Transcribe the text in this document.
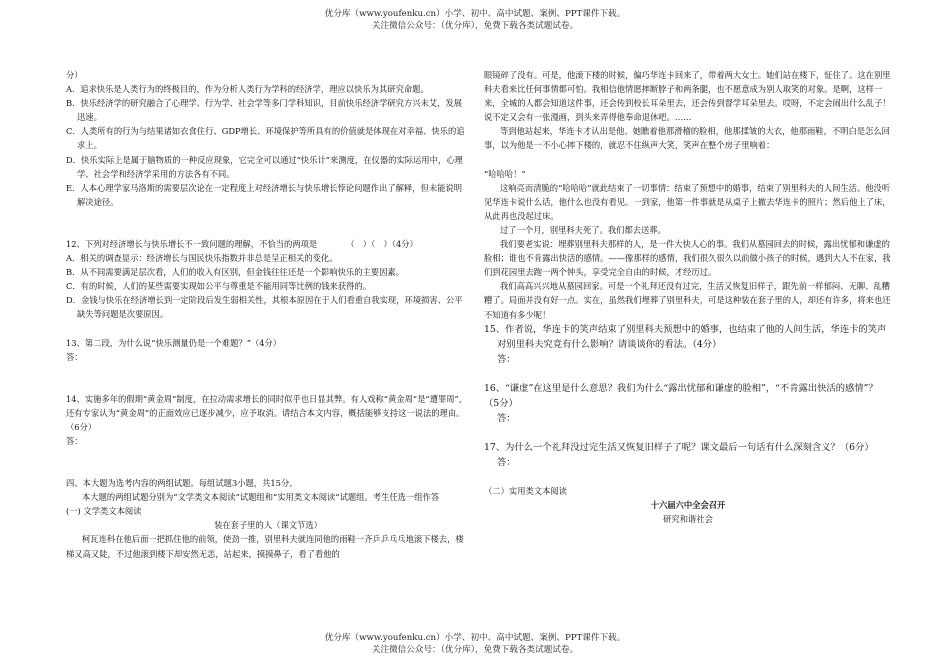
优分库（www.youfenku.cn）小学、初中、高中试题、案例、PPT课件下载。
关注微信公众号：（优分库），免费下载各类试题试卷。

分）

A．追求快乐是人类行为的终极目的，作为分析人类行为学科的经济学，理应以快乐为其研究命题。

B．快乐经济学的研究融合了心理学、行为学、社会学等多门学科知识，目前快乐经济学研究方兴未艾，发展迅速。

C．人类所有的行为与结果诸如衣食住行、GDP增长、环境保护等所具有的价值就是体现在对幸福、快乐的追求上。

D．快乐实际上是属于脑物质的一种反应现象，它完全可以通过“快乐计”来测度，在仪器的实际运用中，心理学、社会学和经济学采用的方法各有不同。

E．人本心理学家马洛斯的需要层次论在一定程度上对经济增长与快乐增长悖论问题作出了解释，但未能说明解决途径。

12、下列对经济增长与快乐增长不一致问题的理解，不恰当的两项是　　　　（　）（　）（4分）

A．相关的调查显示：经济增长与国民快乐指数并非总是呈正相关的变化。

B．从不同需要满足层次看，人们的收入有区别，但金钱往往还是一个影响快乐的主要因素。

C．有的时候，人们的某些需要实现如公平与尊重是不能用同等比例的钱来获得的。

D．金钱与快乐在经济增长到一定阶段后发生弱相关性，其根本原因在于人们看重自我实现，环境损害、公平缺失等问题是次要原因。

13、第二段，为什么说“快乐测量仍是一个难题？”（4分）

答：

14、实施多年的假期“黄金周”制度，在拉动需求增长的同时似乎也日显其弊。有人戏称“黄金周”是“遭罪周”，还有专家认为“黄金周”的正面效应已逐步减少，应予取消。请结合本文内容，概括能够支持这一说法的理由。（6分）

答：

四、本大题为选考内容的两组试题。每组试题3小题，共15分。

本大题的两组试题分别为“文学类文本阅读”试题组和“实用类文本阅读”试题组。考生任选一组作答

(一) 文学类文本阅读

装在套子里的人（课文节选）

柯瓦连科在他后面一把抓住他的前领，使劲一推，别里科夫就连同他的雨鞋一齐乒乒乓乓地滚下楼去，楼梯又高又陡，不过他滚到楼下却安然无恙，站起来，摸摸鼻子，看了看他的

眼镜碎了没有。可是，他滚下楼的时候，偏巧华连卡回来了，带着两大女士。她们站在楼下，怔住了。这在别里科夫看来比任何事情都可怕。我相信他情愿摔断脖子和两条腿，也不愿意成为别人取笑的对象。是啊，这样一来，全城的人都会知道这件事，还会传到校长耳朵里去，还会传到督学耳朵里去。哎呀，不定会闹出什么乱子！说不定又会有一张漫画，到头来弄得他奉命退休吧。……

等到他站起来，华连卡才认出是他。她瞧着他那滑稽的脸相，他那揉皱的大衣，他那雨鞋，不明白是怎么回事，以为他是一不小心摔下楼的，就忍不住纵声大笑，笑声在整个房子里响着：

“哈哈哈！”

这响亮而清脆的“哈哈哈”就此结束了一切事情：结束了预想中的婚事，结束了别里科夫的人间生活。他没听见华连卡说什么话，他什么也没有看见。一到家，他第一件事就是从桌子上撤去华连卡的照片；然后他上了床，从此再也没起过床。

过了一个月，别里科夫死了。我们都去送葬。

我们要老实说：埋葬别里科夫那样的人，是一件大快人心的事。我们从墓园回去的时候，露出忧郁和谦虚的脸相；谁也不肯露出快活的感情。——像那样的感情，我们很久很久以前做小孩子的时候，遇到大人不在家，我们到花园里去跑一两个钟头，享受完全自由的时候，才经历过。

我们高高兴兴地从墓园回家。可是一个礼拜还没有过完，生活又恢复旧样子，跟先前一样郁闷、无聊、乱糟糟了。局面并没有好一点。实在，虽然我们埋葬了别里科夫，可是这种装在套子里的人，却还有许多，将来也还不知道有多少呢！

15、作者说，华连卡的笑声结束了别里科夫预想中的婚事，也结束了他的人间生活，华连卡的笑声对别里科夫究竟有什么影响？请谈谈你的看法。（4分）

答：

16、“谦虚”在这里是什么意思？我们为什么“露出忧郁和谦虚的脸相”，“不肯露出快活的感情”？（5分）

答：

17、为什么一个礼拜没过完生活又恢复旧样子了呢？课文最后一句话有什么深刻含义？（6分）

答：

（二）实用类文本阅读

十六届六中全会召开

研究和谐社会

优分库（www.youfenku.cn）小学、初中、高中试题、案例、PPT课件下载。
关注微信公众号：（优分库），免费下载各类试题试卷。
